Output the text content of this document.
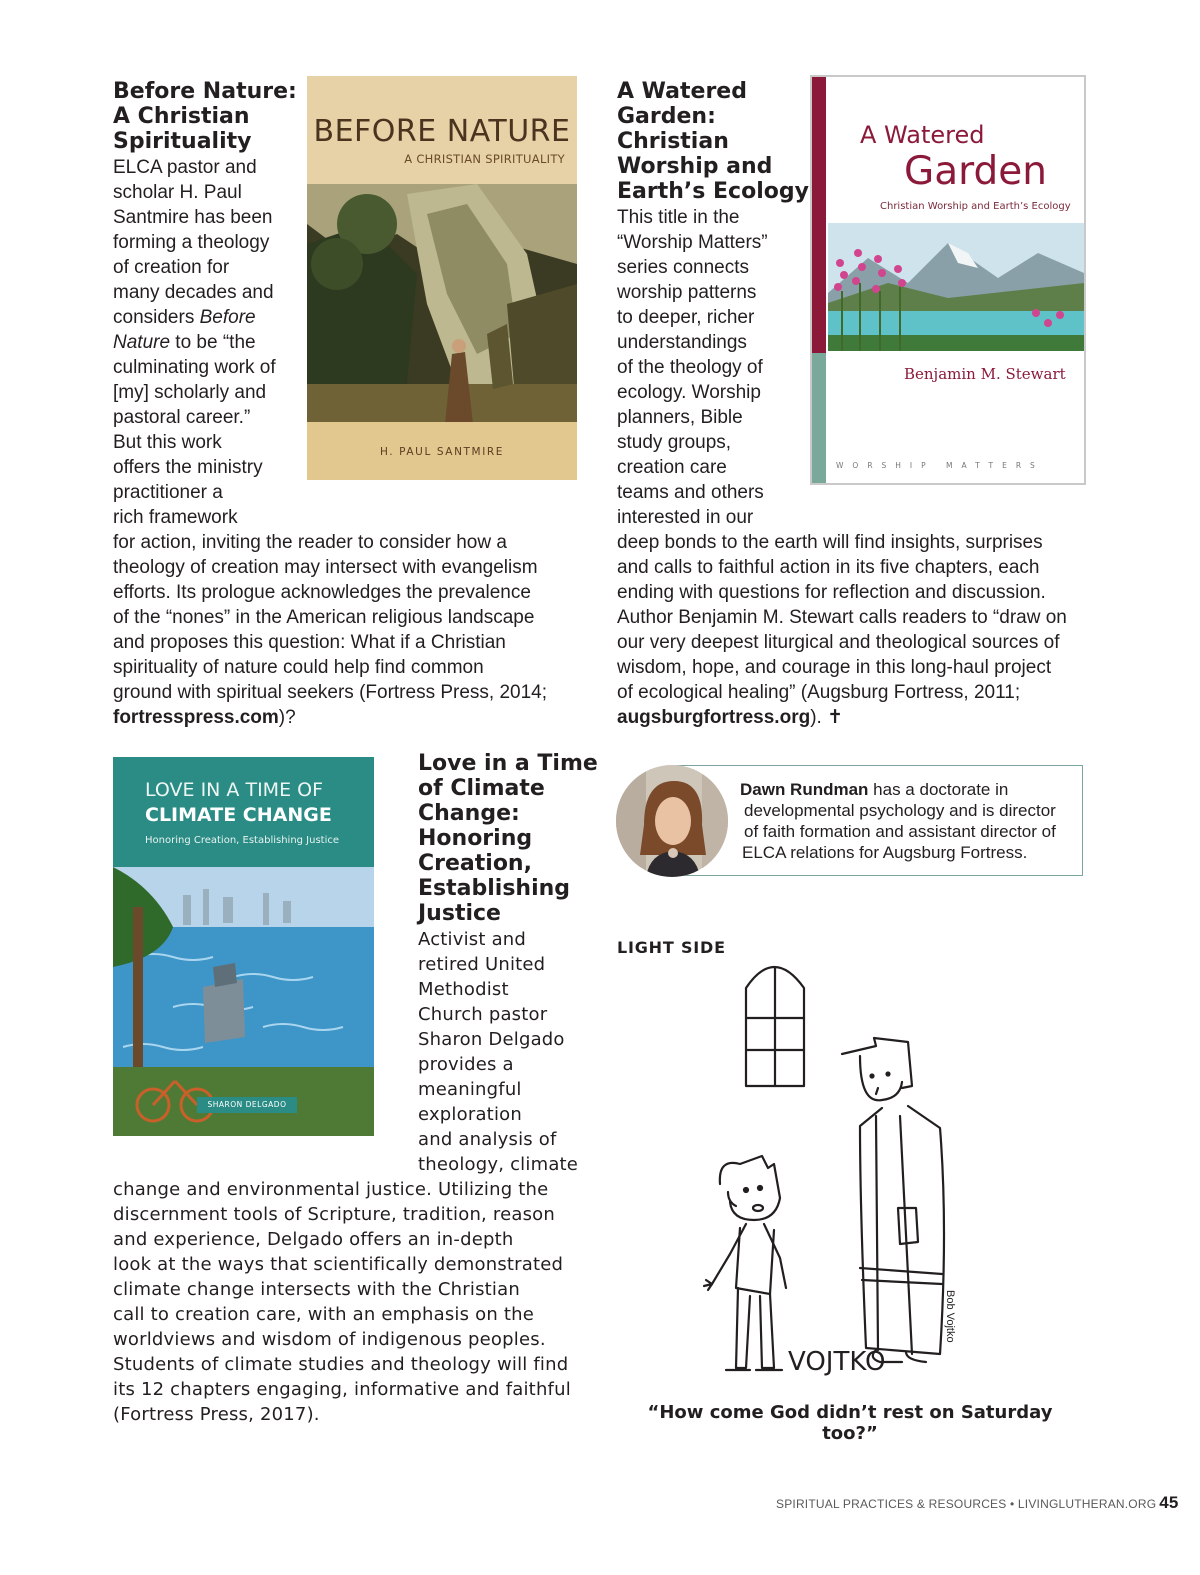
Before Nature:
A Christian
Spirituality
ELCA pastor and
scholar H. Paul
Santmire has been
forming a theology
of creation for
many decades and
considers Before
Nature to be “the
culminating work of
[my] scholarly and
pastoral career.”
But this work
offers the ministry
practitioner a
rich framework
for action, inviting the reader to consider how a
theology of creation may intersect with evangelism
efforts. Its prologue acknowledges the prevalence
of the “nones” in the American religious landscape
and proposes this question: What if a Christian
spirituality of nature could help find common
ground with spiritual seekers (Fortress Press, 2014;
fortresspress.com)?
BEFORE NATURE
A CHRISTIAN SPIRITUALITY
H. PAUL SANTMIRE
A Watered
Garden:
Christian
Worship and
Earth’s Ecology
This title in the
“Worship Matters”
series connects
worship patterns
to deeper, richer
understandings
of the theology of
ecology. Worship
planners, Bible
study groups,
creation care
teams and others
interested in our
deep bonds to the earth will find insights, surprises
and calls to faithful action in its five chapters, each
ending with questions for reflection and discussion.
Author Benjamin M. Stewart calls readers to “draw on
our very deepest liturgical and theological sources of
wisdom, hope, and courage in this long-haul project
of ecological healing” (Augsburg Fortress, 2011;
augsburgfortress.org). ✝
A Watered
Garden
Christian Worship and Earth’s Ecology
Benjamin M. Stewart
WORSHIP MATTERS
LOVE IN A TIME OF
CLIMATE CHANGE
Honoring Creation, Establishing Justice
SHARON DELGADO
Love in a Time
of Climate
Change:
Honoring
Creation,
Establishing
Justice
Activist and
retired United
Methodist
Church pastor
Sharon Delgado
provides a
meaningful
exploration
and analysis of
theology, climate
change and environmental justice. Utilizing the
discernment tools of Scripture, tradition, reason
and experience, Delgado offers an in-depth
look at the ways that scientifically demonstrated
climate change intersects with the Christian
call to creation care, with an emphasis on the
worldviews and wisdom of indigenous peoples.
Students of climate studies and theology will find
its 12 chapters engaging, informative and faithful
(Fortress Press, 2017).
Dawn Rundman has a doctorate in
developmental psychology and is director
of faith formation and assistant director of
ELCA relations for Augsburg Fortress.
LIGHT SIDE
VOJTKO
Bob Vojtko
“How come God didn’t rest on Saturday too?”
SPIRITUAL PRACTICES & RESOURCES • LIVINGLUTHERAN.ORG 45
